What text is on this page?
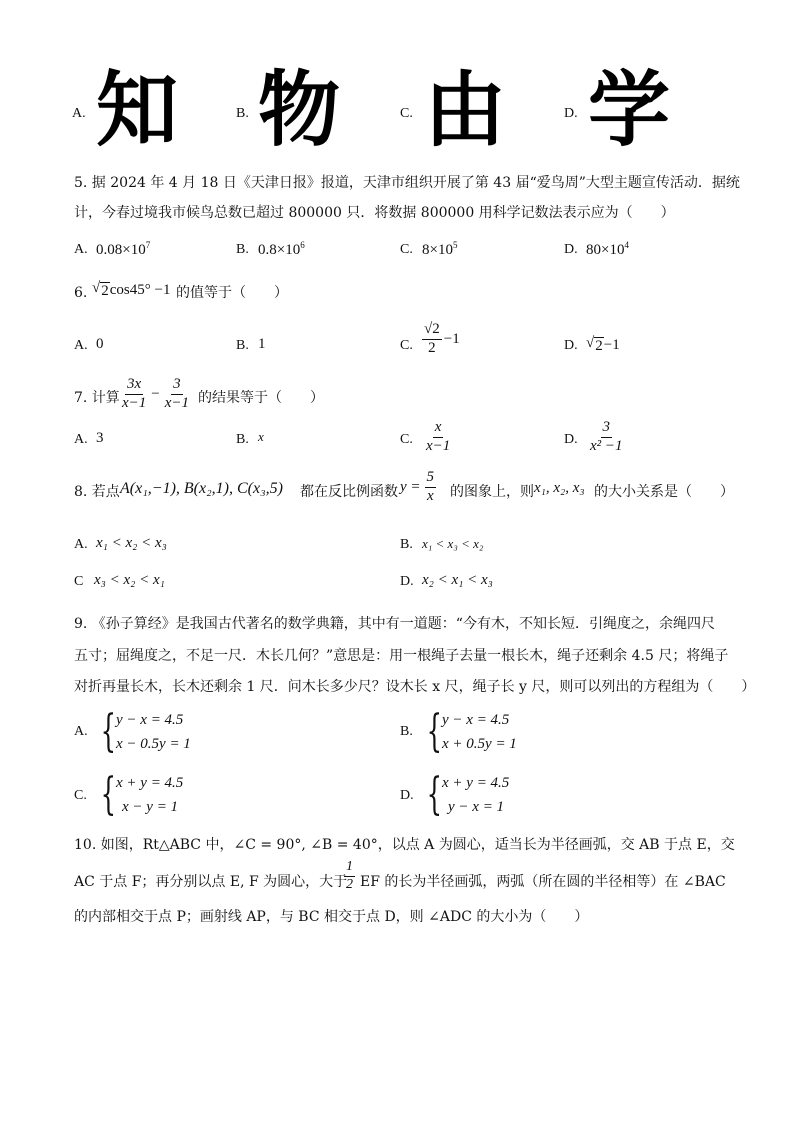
A. 知	B. 物	C. 由	D. 学
5. 据 2024 年 4 月 18 日《天津日报》报道，天津市组织开展了第 43 届“爱鸟周”大型主题宣传活动．据统
计，今春过境我市候鸟总数已超过 800000 只．将数据 800000 用科学记数法表示应为（　　）
A. $0.08\times 10^7$	B. $0.8\times 10^6$	C. $8\times 10^5$	D. $80\times 10^4$
6. √ 2 cos45° −1 的值等于（　　）
A. 0	B. 1	C. $\frac{√2}{2} -1$	D. √ 2 −1
7. 计算 $\frac{3x}{x-1} - \frac{3}{x-1}$ 的结果等于（　　）
A. 3	B. x	C. $\frac{x}{x-1}$	D. $\frac{3}{\text{x² −1}}$
8. 若点 A(x₁,−1), B(x₂,1), C(x₃,5) 都在反比例函数 $y = \frac{5}{x}$ 的图象上，则 x₁, x₂, x₃ 的大小关系是（　　）
A. x₁ < x₂ < x₃	B. x₁ < x₃ < x₂
C x₃ < x₂ < x₁	D. x₂ < x₁ < x₃
9. 《孙子算经》是我国古代著名的数学典籍，其中有一道题：“今有木，不知长短．引绳度之，余绳四尺
五寸；屈绳度之，不足一尺．木长几何？”意思是：用一根绳子去量一根长木，绳子还剩余 4.5 尺；将绳子
对折再量长木，长木还剩余 1 尺．问木长多少尺？设木长 x 尺，绳子长 y 尺，则可以列出的方程组为（　　）
A. { y − x = 4.5
x − 0.5y = 1
B. { y − x = 4.5
x + 0.5y = 1
C. { x + y = 4.5
x − y = 1
D. { x + y = 4.5
y − x = 1
10. 如图，Rt△ABC 中，∠C = 90°, ∠B = 40°，以点 A 为圆心，适当长为半径画弧，交 AB 于点 E，交
AC 于点 F；再分别以点 E, F 为圆心，大于
$\frac{1}{2}$ EF 的长为半径画弧，两弧（所在圆的半径相等）在 ∠BAC
的内部相交于点 P；画射线 AP，与 BC 相交于点 D，则 ∠ADC 的大小为（　　）
